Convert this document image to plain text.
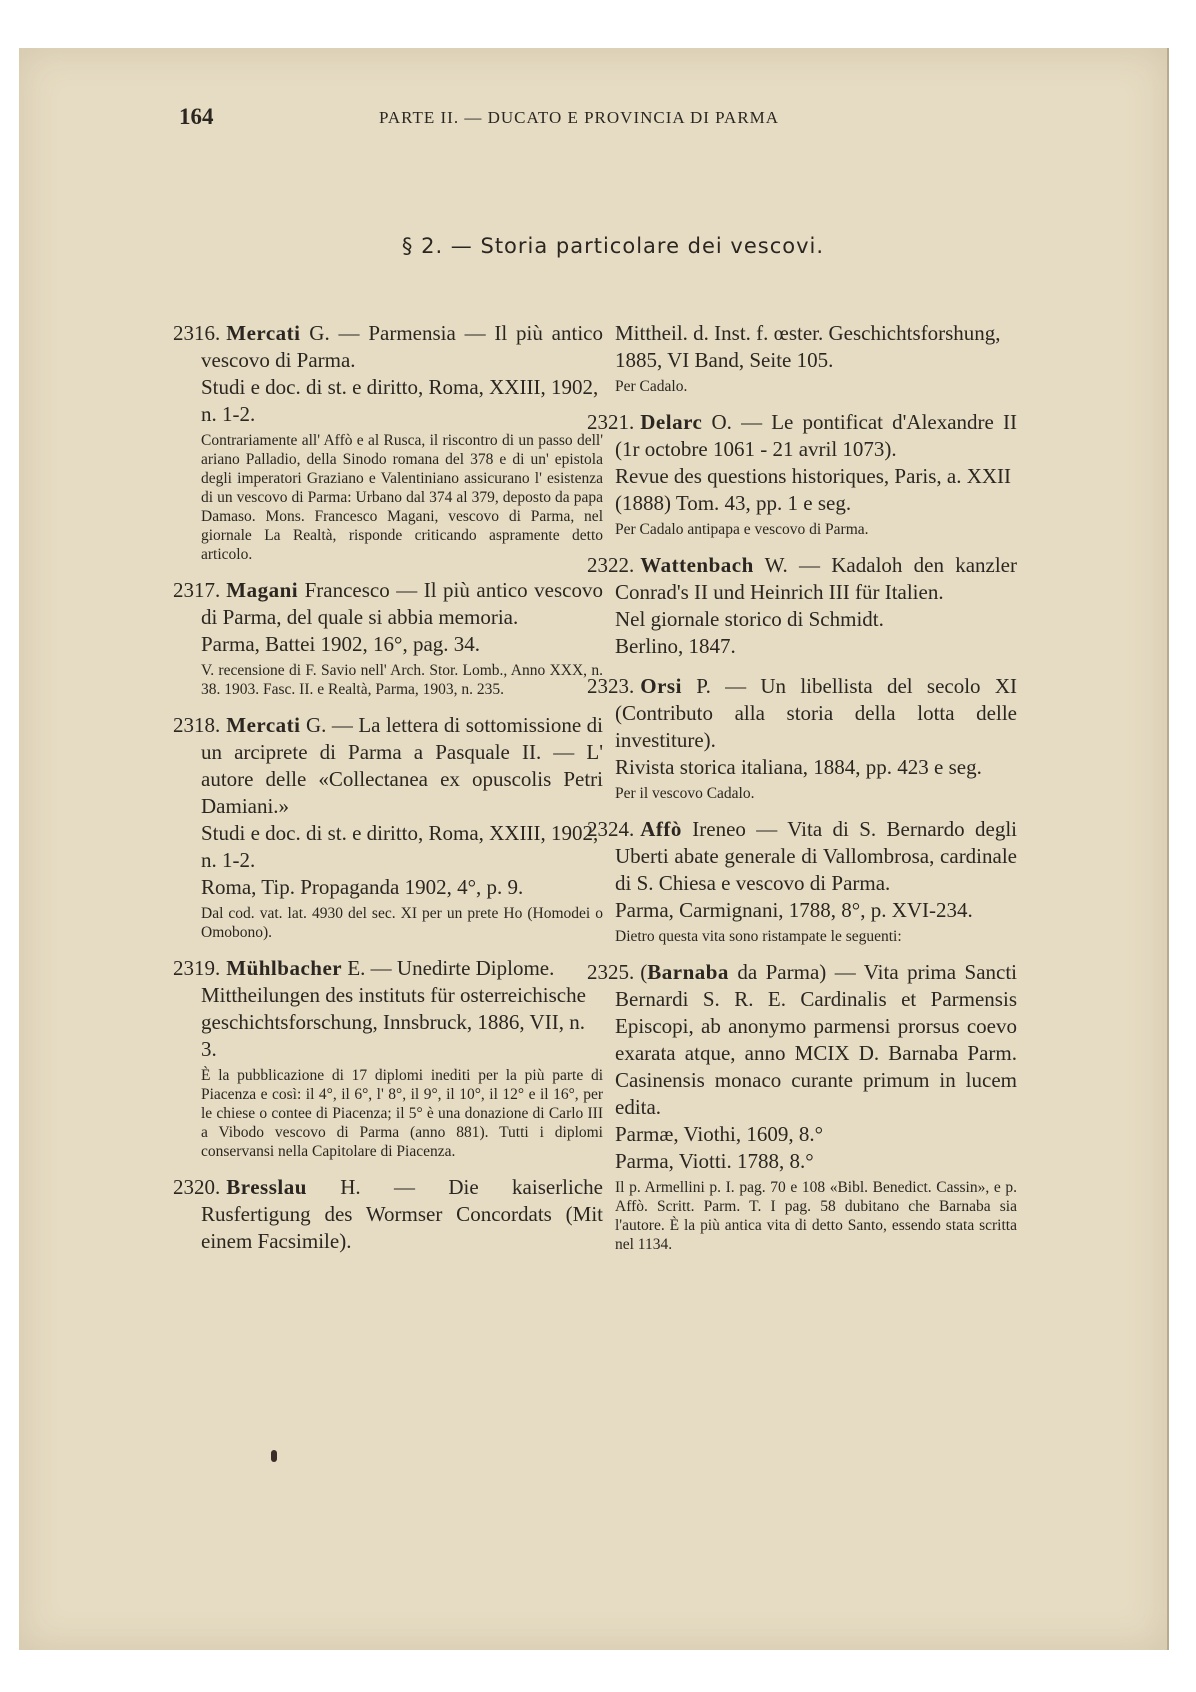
164	PARTE II. — DUCATO E PROVINCIA DI PARMA
§ 2. — Storia particolare dei vescovi.

2316. Mercati G. — Parmensia — Il più antico vescovo di Parma.

Studi e doc. di st. e diritto, Roma, XXIII, 1902, n. 1-2.

Contrariamente all' Affò e al Rusca, il riscontro di un passo dell' ariano Palladio, della Sinodo romana del 378 e di un' epistola degli imperatori Graziano e Valentiniano assicurano l' esistenza di un vescovo di Parma: Urbano dal 374 al 379, deposto da papa Damaso. Mons. Francesco Magani, vescovo di Parma, nel giornale La Realtà, risponde criticando aspramente detto articolo.

2317. Magani Francesco — Il più antico vescovo di Parma, del quale si abbia memoria.

Parma, Battei 1902, 16°, pag. 34.

V. recensione di F. Savio nell' Arch. Stor. Lomb., Anno XXX, n. 38. 1903. Fasc. II. e Realtà, Parma, 1903, n. 235.

2318. Mercati G. — La lettera di sottomissione di un arciprete di Parma a Pasquale II. — L' autore delle «Collectanea ex opuscolis Petri Damiani.»

Studi e doc. di st. e diritto, Roma, XXIII, 1902, n. 1-2.

Roma, Tip. Propaganda 1902, 4°, p. 9.

Dal cod. vat. lat. 4930 del sec. XI per un prete Ho (Homodei o Omobono).

2319. Mühlbacher E. — Unedirte Diplome.

Mittheilungen des instituts für osterreichische geschichtsforschung, Innsbruck, 1886, VII, n. 3.

È la pubblicazione di 17 diplomi inediti per la più parte di Piacenza e così: il 4°, il 6°, l' 8°, il 9°, il 10°, il 12° e il 16°, per le chiese o contee di Piacenza; il 5° è una donazione di Carlo III a Vibodo vescovo di Parma (anno 881). Tutti i diplomi conservansi nella Capitolare di Piacenza.

2320. Bresslau H. — Die kaiserliche Rusfertigung des Wormser Concordats (Mit einem Facsimile).

Mittheil. d. Inst. f. œster. Geschichtsforshung, 1885, VI Band, Seite 105.

Per Cadalo.

2321. Delarc O. — Le pontificat d'Alexandre II (1r octobre 1061 - 21 avril 1073).

Revue des questions historiques, Paris, a. XXII (1888) Tom. 43, pp. 1 e seg.

Per Cadalo antipapa e vescovo di Parma.

2322. Wattenbach W. — Kadaloh den kanzler Conrad's II und Heinrich III für Italien.

Nel giornale storico di Schmidt.

Berlino, 1847.

2323. Orsi P. — Un libellista del secolo XI (Contributo alla storia della lotta delle investiture).

Rivista storica italiana, 1884, pp. 423 e seg.

Per il vescovo Cadalo.

2324. Affò Ireneo — Vita di S. Bernardo degli Uberti abate generale di Vallombrosa, cardinale di S. Chiesa e vescovo di Parma.

Parma, Carmignani, 1788, 8°, p. XVI-234.

Dietro questa vita sono ristampate le seguenti:

2325. (Barnaba da Parma) — Vita prima Sancti Bernardi S. R. E. Cardinalis et Parmensis Episcopi, ab anonymo parmensi prorsus coevo exarata atque, anno MCIX D. Barnaba Parm. Casinensis monaco curante primum in lucem edita.

Parmæ, Viothi, 1609, 8.°

Parma, Viotti. 1788, 8.°

Il p. Armellini p. I. pag. 70 e 108 «Bibl. Benedict. Cassin», e p. Affò. Scritt. Parm. T. I pag. 58 dubitano che Barnaba sia l'autore. È la più antica vita di detto Santo, essendo stata scritta nel 1134.
